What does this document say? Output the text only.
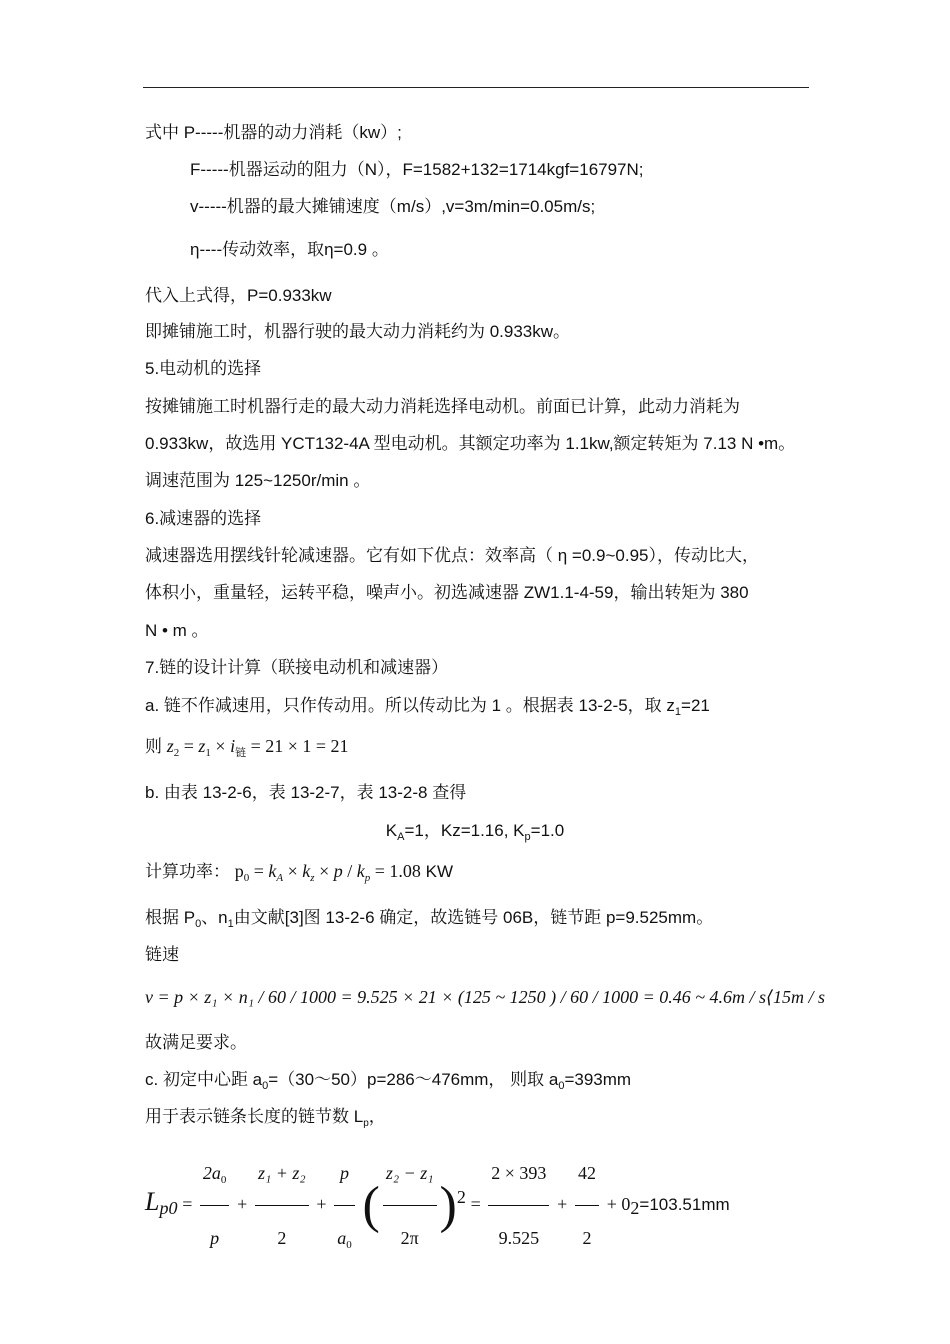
式中 P-----机器的动力消耗（kw）;
F-----机器运动的阻力（N），F=1582+132=1714kgf=16797N;
v-----机器的最大摊铺速度（m/s）,v=3m/min=0.05m/s;
η----传动效率，取η=0.9 。
代入上式得，P=0.933kw
即摊铺施工时，机器行驶的最大动力消耗约为 0.933kw。
5.电动机的选择
按摊铺施工时机器行走的最大动力消耗选择电动机。前面已计算，此动力消耗为
0.933kw，故选用 YCT132-4A 型电动机。其额定功率为 1.1kw,额定转矩为 7.13 N •m。
调速范围为 125~1250r/min 。
6.减速器的选择
减速器选用摆线针轮减速器。它有如下优点：效率高（ η =0.9~0.95），传动比大，
体积小，重量轻，运转平稳，噪声小。初选减速器 ZW1.1-4-59，输出转矩为 380
N • m 。
7.链的设计计算（联接电动机和减速器）
a. 链不作减速用，只作传动用。所以传动比为 1 。根据表 13-2-5，取 $z_1=21$
则 $z_2 = z_1 \times i_链 = 21 \times 1 = 21$
b. 由表 13-2-6，表 13-2-7，表 13-2-8 查得
$K_A=1$，Kz=1.16, $K_p=1.0$
计算功率： $p_0 = k_A \times k_z \times p / k_p = 1.08$ KW
根据 $P_0$、$n_1$由文献[3]图 13-2-6 确定，故选链号 06B，链节距 p=9.525mm。
链速
v = p × z₁ × n₁ / 60 / 1000 = 9.525 × 21 × (125 ~ 1250 ) / 60 / 1000 = 0.46 ~ 4.6m / s⟨15m / s
故满足要求。
c. 初定中心距 $a_0=(30\sim 50)p=286\sim 476mm$， 则取 $a_0=393mm$
用于表示链条长度的链节数 $L_p$，
$L_{p0} = \frac{2a_0}{p} + \frac{\text{z₁ + z₂}}{2} + \frac{p}{a_0}$ ( $\frac{\text{z₂ − z₁}}{2\pi} )^2 = \frac{2 \times 393}{9.525} + \frac{42}{2} + 0_2=103.51mm$
